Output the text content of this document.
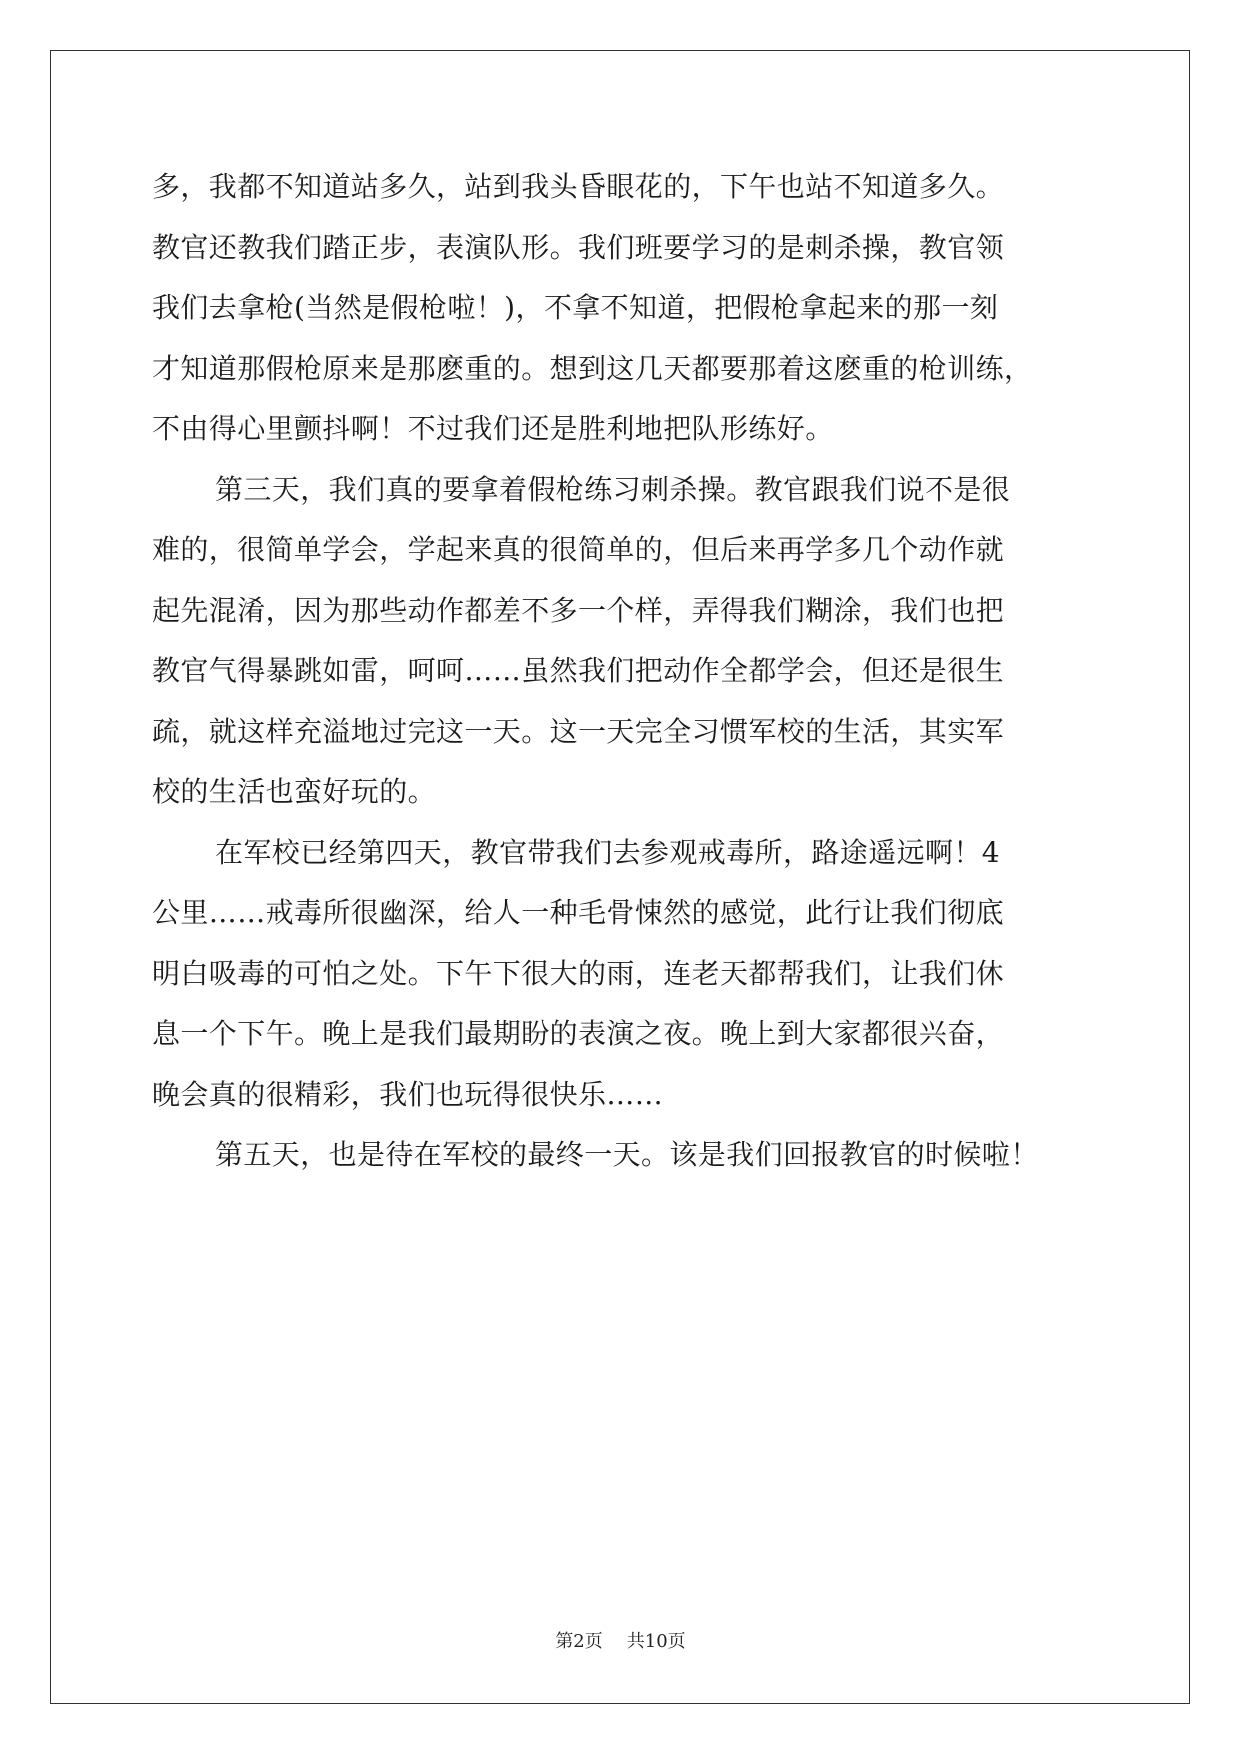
多，我都不知道站多久，站到我头昏眼花的，下午也站不知道多久。
教官还教我们踏正步，表演队形。我们班要学习的是刺杀操，教官领
我们去拿枪(当然是假枪啦！)，不拿不知道，把假枪拿起来的那一刻
才知道那假枪原来是那麽重的。想到这几天都要那着这麽重的枪训练，
不由得心里颤抖啊！不过我们还是胜利地把队形练好。
第三天，我们真的要拿着假枪练习刺杀操。教官跟我们说不是很
难的，很简单学会，学起来真的很简单的，但后来再学多几个动作就
起先混淆，因为那些动作都差不多一个样，弄得我们糊涂，我们也把
教官气得暴跳如雷，呵呵……虽然我们把动作全都学会，但还是很生
疏，就这样充溢地过完这一天。这一天完全习惯军校的生活，其实军
校的生活也蛮好玩的。
在军校已经第四天，教官带我们去参观戒毒所，路途遥远啊！4
公里……戒毒所很幽深，给人一种毛骨悚然的感觉，此行让我们彻底
明白吸毒的可怕之处。下午下很大的雨，连老天都帮我们，让我们休
息一个下午。晚上是我们最期盼的表演之夜。晚上到大家都很兴奋，
晚会真的很精彩，我们也玩得很快乐……
第五天，也是待在军校的最终一天。该是我们回报教官的时候啦！
第2页 共10页
